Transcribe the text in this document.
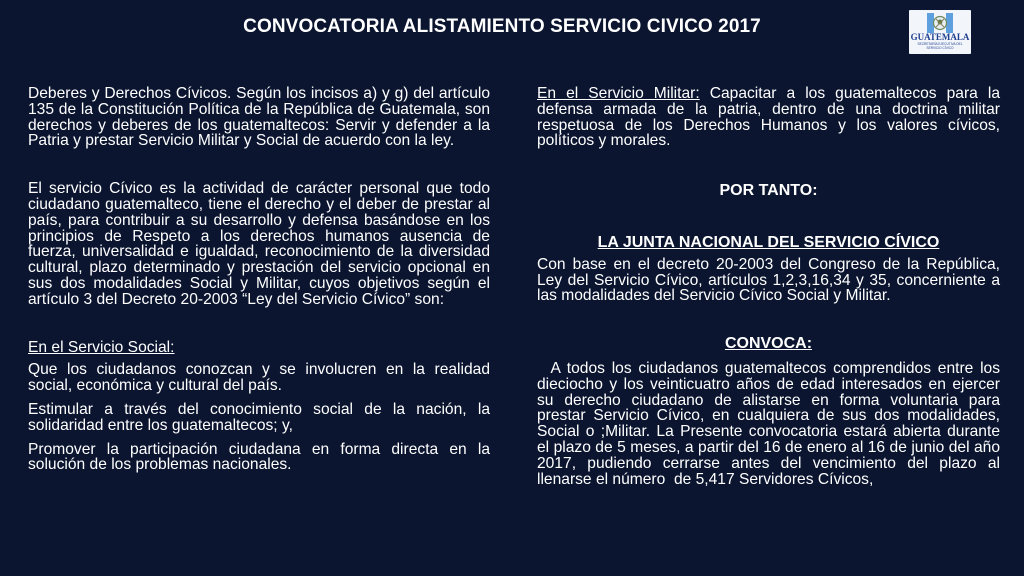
CONVOCATORIA ALISTAMIENTO SERVICIO CIVICO 2017	GUATEMALA
SECRETARÍA EJECUTIVA DEL SERVICIO CÍVICO

Deberes y Derechos Cívicos. Según los incisos a) y g) del artículo 135 de la Constitución Política de la República de Guatemala, son derechos y deberes de los guatemaltecos: Servir y defender a la Patria y prestar Servicio Militar y Social de acuerdo con la ley.

El servicio Cívico es la actividad de carácter personal que todo ciudadano guatemalteco, tiene el derecho y el deber de prestar al país, para contribuir a su desarrollo y defensa basándose en los principios de Respeto a los derechos humanos ausencia de fuerza, universalidad e igualdad, reconocimiento de la diversidad cultural, plazo determinado y prestación del servicio opcional en sus dos modalidades Social y Militar, cuyos objetivos según el artículo 3 del Decreto 20-2003 “Ley del Servicio Cívico” son:

En el Servicio Social:

Que los ciudadanos conozcan y se involucren en la realidad social, económica y cultural del país.

Estimular a través del conocimiento social de la nación, la solidaridad entre los guatemaltecos; y,

Promover la participación ciudadana en forma directa en la solución de los problemas nacionales.

En el Servicio Militar: Capacitar a los guatemaltecos para la defensa armada de la patria, dentro de una doctrina militar respetuosa de los Derechos Humanos y los valores cívicos, políticos y morales.

POR TANTO:

LA JUNTA NACIONAL DEL SERVICIO CÍVICO

Con base en el decreto 20-2003 del Congreso de la República, Ley del Servicio Cívico, artículos 1,2,3,16,34 y 35, concerniente a las modalidades del Servicio Cívico Social y Militar.

CONVOCA:

A todos los ciudadanos guatemaltecos comprendidos entre los dieciocho y los veinticuatro años de edad interesados en ejercer su derecho ciudadano de alistarse en forma voluntaria para prestar Servicio Cívico, en cualquiera de sus dos modalidades, Social o ;Militar. La Presente convocatoria estará abierta durante el plazo de 5 meses, a partir del 16 de enero al 16 de junio del año 2017, pudiendo cerrarse antes del vencimiento del plazo al llenarse el número  de 5,417 Servidores Cívicos,
